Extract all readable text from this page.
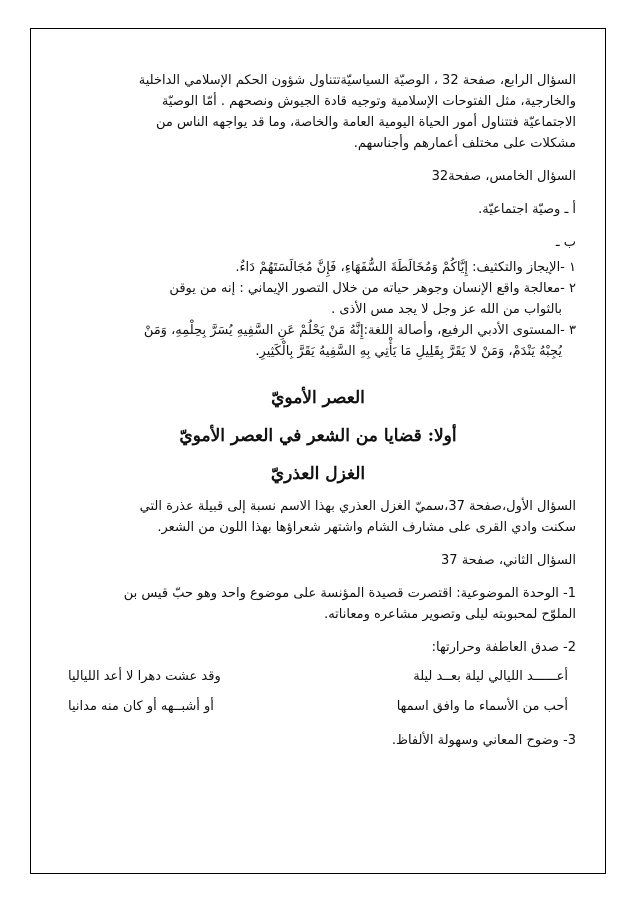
السؤال الرابع، صفحة 32 ، الوصيّة السياسيّةتتناول شؤون الحكم الإسلامي الداخلية

والخارجية، مثل الفتوحات الإسلامية وتوجيه قادة الجيوش ونصحهم . أمّا الوصيّة

الاجتماعيّة فتتناول أمور الحياة اليومية العامة والخاصة، وما قد يواجهه الناس من

مشكلات على مختلف أعمارهم وأجناسهم.

السؤال الخامس، صفحة32

أ ـ وصيّة اجتماعيّة.

ب ـ

١ -الإيجاز والتكثيف: إِيَّاكُمْ وَمُخَالَطَةَ السُّفَهَاءِ، فَإِنَّ مُجَالَسَتَهُمْ دَاءٌ.

٢ -معالجة واقع الإنسان وجوهر حياته من خلال التصور الإيماني : إنه من يوقن

بالثواب من الله عز وجل لا يجد مس الأذى .

٣ -المستوى الأدبي الرفيع، وأصالة اللغة:إِنَّهُ مَنْ يَحْلُمْ عَنِ السَّفِيهِ يُسَرَّ بِحِلْمِهِ، وَمَنْ

يُجِبْهُ يَنْدَمْ، وَمَنْ لا يَقَرَّ بِقَلِيلِ مَا يَأْتِي بِهِ السَّفِيهُ يَقَرَّ بِالْكَثِيرِ.

العصر الأمويّ

أولا: قضايا من الشعر في العصر الأمويّ

الغزل العذريّ

السؤال الأول،صفحة 37،سميّ الغزل العذري بهذا الاسم نسبة إلى قبيلة عذرة التي

سكنت وادي القرى على مشارف الشام واشتهر شعراؤها بهذا اللون من الشعر.

السؤال الثاني، صفحة 37

1- الوحدة الموضوعية: اقتصرت قصيدة المؤنسة على موضوع واحد وهو حبّ قيس بن

الملوّح لمحبوبته ليلى وتصوير مشاعره ومعاناته.

2- صدق العاطفة وحرارتها:

أعــــــد الليالي ليلة بعــد ليلة
وقد عشت دهرا لا أعد اللياليا
أحب من الأسماء ما وافق اسمها
أو أشبــهه أو كان منه مدانيا

3- وضوح المعاني وسهولة الألفاظ.
